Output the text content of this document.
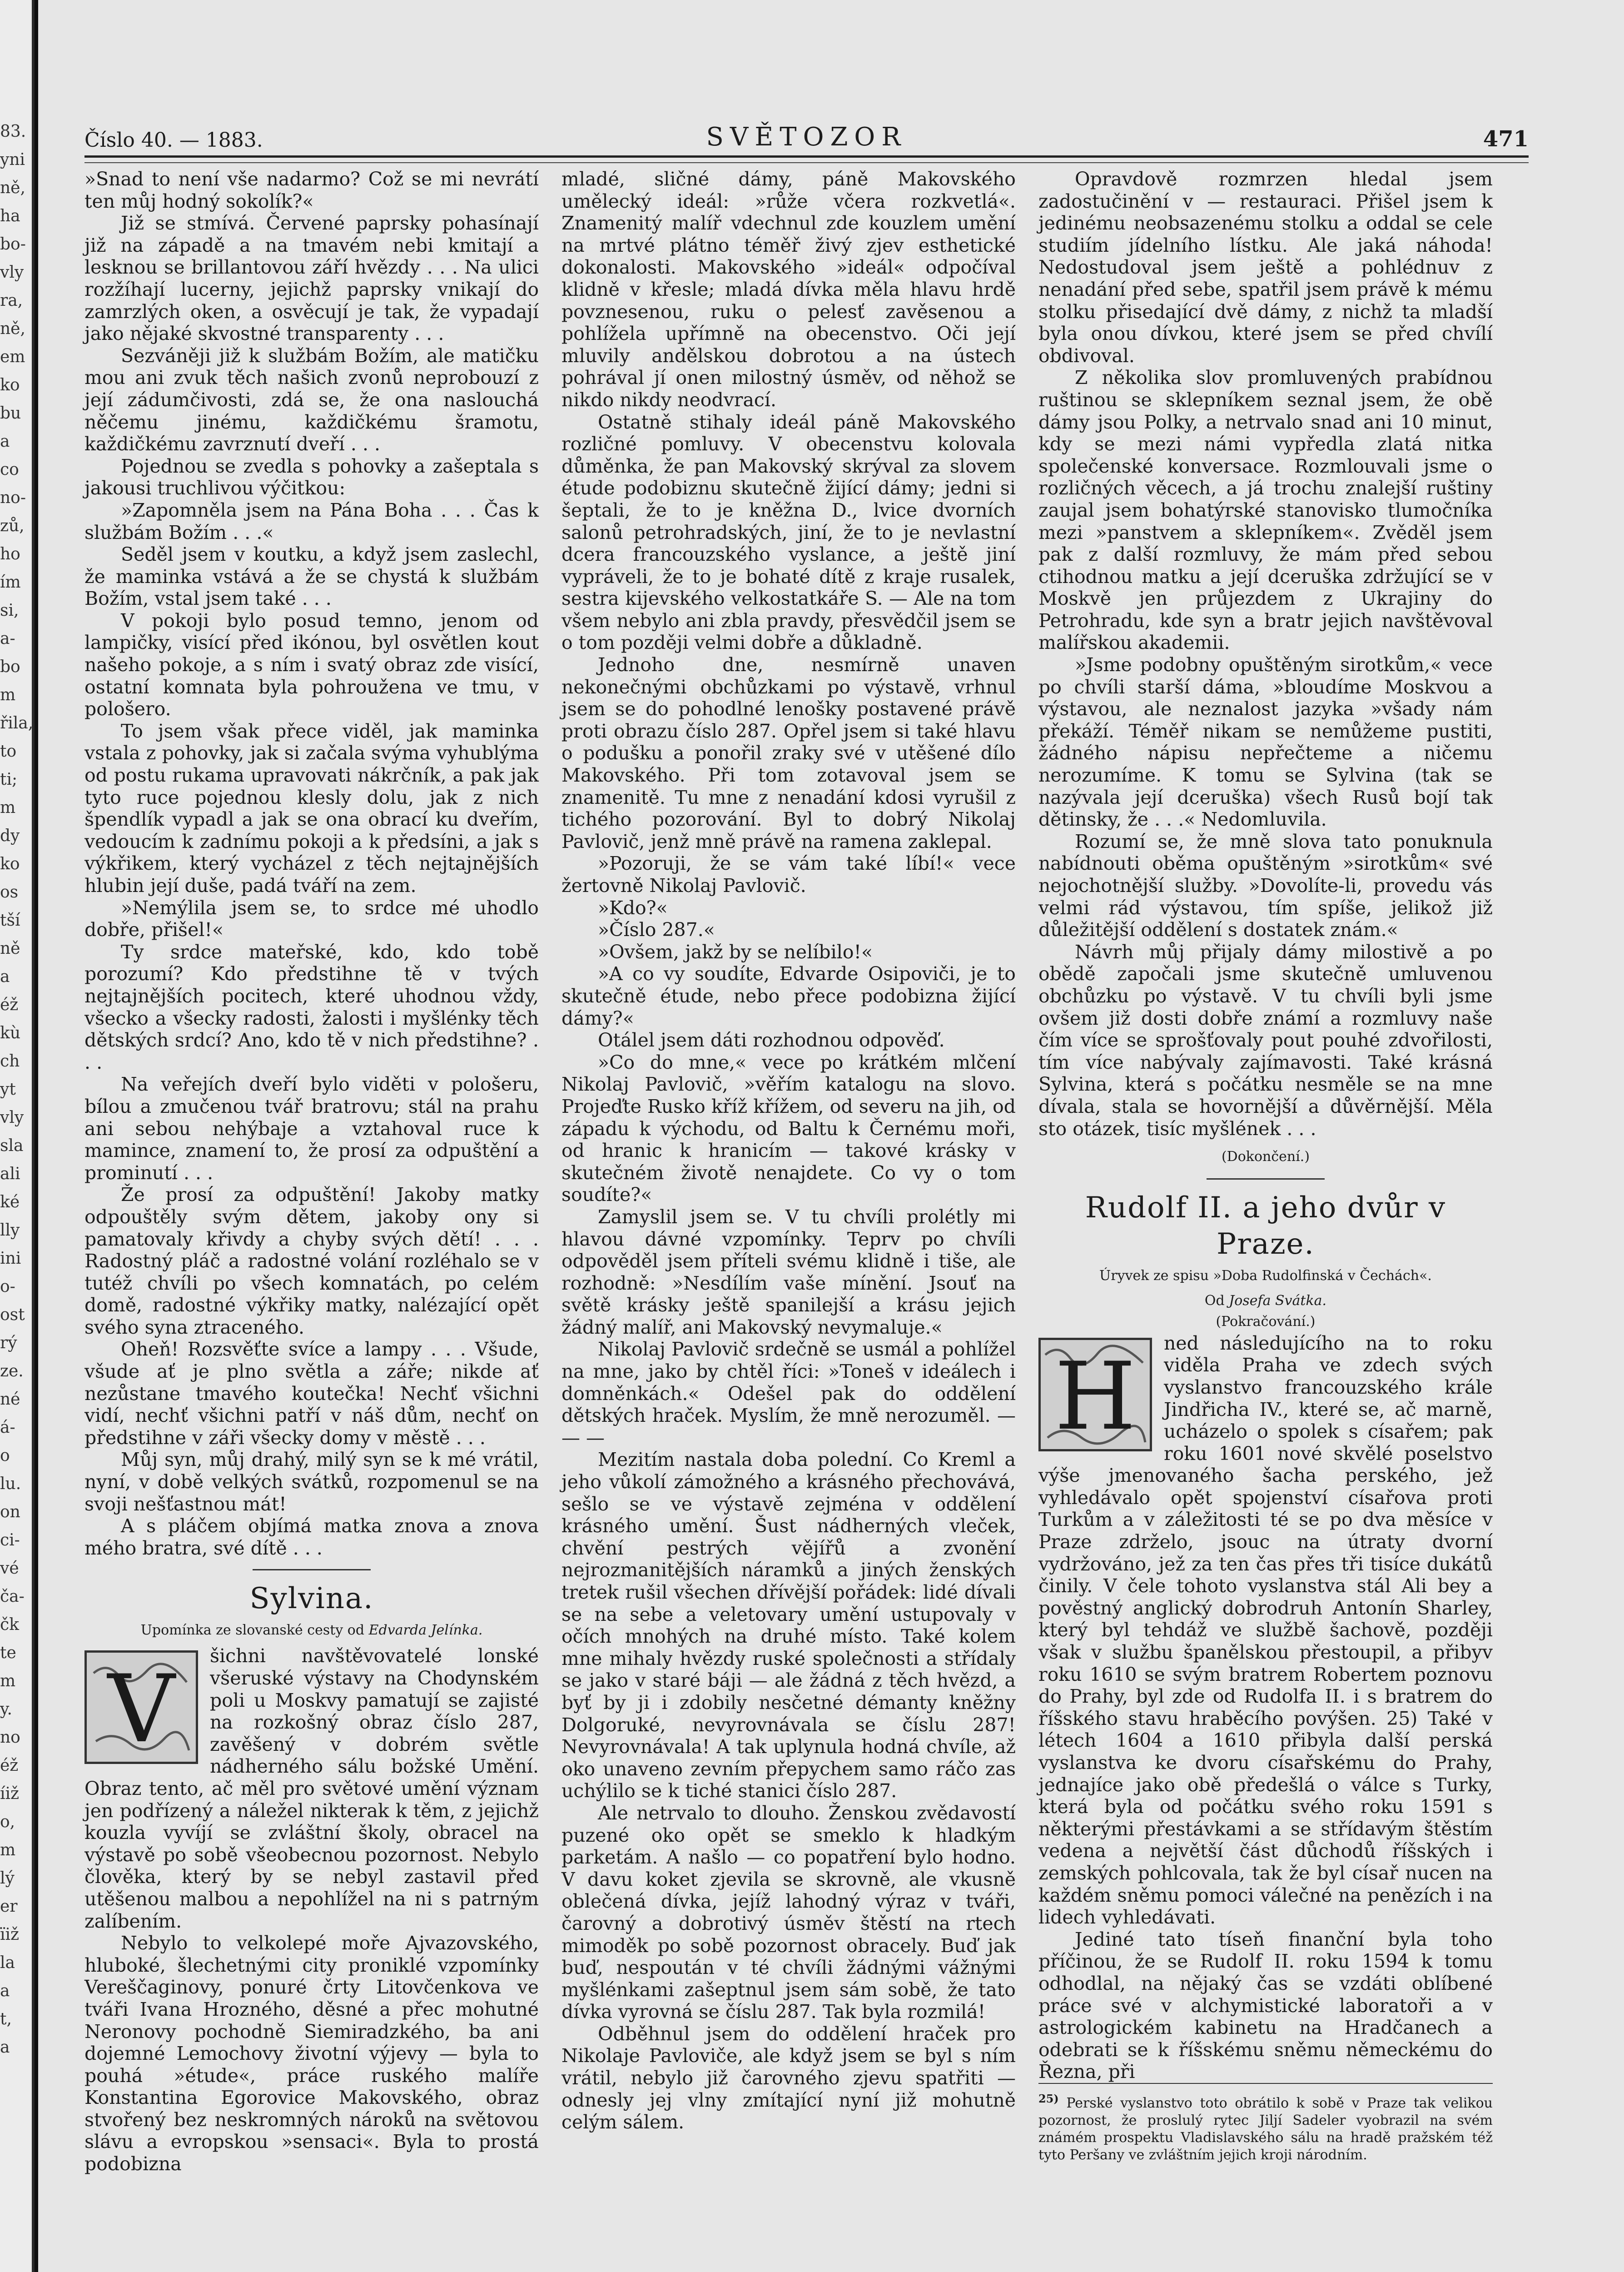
Číslo 40. — 1883.	SVĚTOZOR	471

»Snad to není vše nadarmo? Což se mi nevrátí ten můj hodný sokolík?«

Již se stmívá. Červené paprsky pohasínají již na západě a na tmavém nebi kmitají a lesknou se brillantovou září hvězdy . . . Na ulici rozžíhají lucerny, jejichž paprsky vnikají do zamrzlých oken, a osvěcují je tak, že vypadají jako nějaké skvostné transparenty . . .

Sezváněji již k službám Božím, ale matičku mou ani zvuk těch našich zvonů neprobouzí z její zádumčivosti, zdá se, že ona naslouchá něčemu jinému, každičkému šramotu, každičkému zavrznutí dveří . . .

Pojednou se zvedla s pohovky a zašeptala s jakousi truchlivou výčitkou:

»Zapomněla jsem na Pána Boha . . . Čas k službám Božím . . .«

Seděl jsem v koutku, a když jsem zaslechl, že maminka vstává a že se chystá k službám Božím, vstal jsem také . . .

V pokoji bylo posud temno, jenom od lampičky, visící před ikónou, byl osvětlen kout našeho pokoje, a s ním i svatý obraz zde visící, ostatní komnata byla pohroužena ve tmu, v pološero.

To jsem však přece viděl, jak maminka vstala z pohovky, jak si začala svýma vyhublýma od postu rukama upravovati nákrčník, a pak jak tyto ruce pojednou klesly dolu, jak z nich špendlík vypadl a jak se ona obrací ku dveřím, vedoucím k zadnímu pokoji a k předsíni, a jak s výkřikem, který vycházel z těch nejtajnějších hlubin její duše, padá tváří na zem.

»Nemýlila jsem se, to srdce mé uhodlo dobře, přišel!«

Ty srdce mateřské, kdo, kdo tobě porozumí? Kdo předstihne tě v tvých nejtajnějších pocitech, které uhodnou vždy, všecko a všecky radosti, žalosti i myšlénky těch dětských srdcí? Ano, kdo tě v nich předstihne? . . .

Na veřejích dveří bylo viděti v pološeru, bílou a zmučenou tvář bratrovu; stál na prahu ani sebou nehýbaje a vztahoval ruce k mamince, znamení to, že prosí za odpuštění a prominutí . . .

Že prosí za odpuštění! Jakoby matky odpouštěly svým dětem, jakoby ony si pamatovaly křivdy a chyby svých dětí! . . . Radostný pláč a radostné volání rozléhalo se v tutéž chvíli po všech komnatách, po celém domě, radostné výkřiky matky, nalézající opět svého syna ztraceného.

Oheň! Rozsvěťte svíce a lampy . . . Všude, všude ať je plno světla a záře; nikde ať nezůstane tmavého koutečka! Nechť všichni vidí, nechť všichni patří v náš dům, nechť on předstihne v záři všecky domy v městě . . .

Můj syn, můj drahý, milý syn se k mé vrátil, nyní, v době velkých svátků, rozpomenul se na svoji nešťastnou mát!

A s pláčem objímá matka znova a znova mého bratra, své dítě . . .

Sylvina.
Upomínka ze slovanské cesty od Edvarda Jelínka.
V	šichni navštěvovatelé lonské všeruské výstavy na Chodynském poli u Moskvy pamatují se zajisté na rozkošný obraz číslo 287, zavěšený v dobrém světle nádherného sálu božské Umění. Obraz tento, ač měl pro světové umění význam jen podřízený a náležel nikterak k těm, z jejichž kouzla vyvíjí se zvláštní školy, obracel na výstavě po sobě všeobecnou pozornost. Nebylo člověka, který by se nebyl zastavil před utěšenou malbou a nepohlížel na ni s patrným zalíbením.

Nebylo to velkolepé moře Ajvazovského, hluboké, šlechetnými city proniklé vzpomínky Vereščaginovy, ponuré črty Litovčenkova ve tváři Ivana Hrozného, děsné a přec mohutné Neronovy pochodně Siemiradzkého, ba ani dojemné Lemochovy životní výjevy — byla to pouhá »étude«, práce ruského malíře Konstantina Egorovice Makovského, obraz stvořený bez neskromných nároků na světovou slávu a evropskou »sensaci«. Byla to prostá podobizna

mladé, sličné dámy, páně Makovského umělecký ideál: »růže včera rozkvetlá«. Znamenitý malíř vdechnul zde kouzlem umění na mrtvé plátno téměř živý zjev esthetické dokonalosti. Makovského »ideál« odpočíval klidně v křesle; mladá dívka měla hlavu hrdě povznesenou, ruku o pelesť zavěsenou a pohlížela upřímně na obecenstvo. Oči její mluvily andělskou dobrotou a na ústech pohrával jí onen milostný úsměv, od něhož se nikdo nikdy neodvrací.

Ostatně stihaly ideál páně Makovského rozličné pomluvy. V obecenstvu kolovala důměnka, že pan Makovský skrýval za slovem étude podobiznu skutečně žijící dámy; jedni si šeptali, že to je kněžna D., lvice dvorních salonů petrohradských, jiní, že to je nevlastní dcera francouzského vyslance, a ještě jiní vypráveli, že to je bohaté dítě z kraje rusalek, sestra kijevského velkostatkáře S. — Ale na tom všem nebylo ani zbla pravdy, přesvědčil jsem se o tom později velmi dobře a důkladně.

Jednoho dne, nesmírně unaven nekonečnými obchůzkami po výstavě, vrhnul jsem se do pohodlné lenošky postavené právě proti obrazu číslo 287. Opřel jsem si také hlavu o podušku a ponořil zraky své v utěšené dílo Makovského. Při tom zotavoval jsem se znamenitě. Tu mne z nenadání kdosi vyrušil z tichého pozorování. Byl to dobrý Nikolaj Pavlovič, jenž mně právě na ramena zaklepal.

»Pozoruji, že se vám také líbí!« vece žertovně Nikolaj Pavlovič.

»Kdo?«

»Číslo 287.«

»Ovšem, jakž by se nelíbilo!«

»A co vy soudíte, Edvarde Osipoviči, je to skutečně étude, nebo přece podobizna žijící dámy?«

Otálel jsem dáti rozhodnou odpověď.

»Co do mne,« vece po krátkém mlčení Nikolaj Pavlovič, »věřím katalogu na slovo. Projeďte Rusko kříž křížem, od severu na jih, od západu k východu, od Baltu k Černému moři, od hranic k hranicím — takové krásky v skutečném životě nenajdete. Co vy o tom soudíte?«

Zamyslil jsem se. V tu chvíli prolétly mi hlavou dávné vzpomínky. Teprv po chvíli odpověděl jsem příteli svému klidně i tiše, ale rozhodně: »Nesdílím vaše mínění. Jsouť na světě krásky ještě spanilejší a krásu jejich žádný malíř, ani Makovský nevymaluje.«

Nikolaj Pavlovič srdečně se usmál a pohlížel na mne, jako by chtěl říci: »Toneš v ideálech i domněnkách.« Odešel pak do oddělení dětských hraček. Myslím, že mně nerozuměl. — — —

Mezitím nastala doba polední. Co Kreml a jeho vůkolí zámožného a krásného přechovává, sešlo se ve výstavě zejména v oddělení krásného umění. Šust nádherných vleček, chvění pestrých vějířů a zvonění nejrozmanitějších náramků a jiných ženských tretek rušil všechen dřívější pořádek: lidé dívali se na sebe a veletovary umění ustupovaly v očích mnohých na druhé místo. Také kolem mne mihaly hvězdy ruské společnosti a střídaly se jako v staré báji — ale žádná z těch hvězd, a byť by ji i zdobily nesčetné démanty kněžny Dolgoruké, nevyrovnávala se číslu 287! Nevyrovnávala! A tak uplynula hodná chvíle, až oko unaveno zevním přepychem samo ráčo zas uchýlilo se k tiché stanici číslo 287.

Ale netrvalo to dlouho. Ženskou zvědavostí puzené oko opět se smeklo k hladkým parketám. A našlo — co popatření bylo hodno. V davu koket zjevila se skrovně, ale vkusně oblečená dívka, jejíž lahodný výraz v tváři, čarovný a dobrotivý úsměv štěstí na rtech mimoděk po sobě pozornost obracely. Buď jak buď, nespoután v té chvíli žádnými vážnými myšlénkami zašeptnul jsem sám sobě, že tato dívka vyrovná se číslu 287. Tak byla rozmilá!

Odběhnul jsem do oddělení hraček pro Nikolaje Pavloviče, ale když jsem se byl s ním vrátil, nebylo již čarovného zjevu spatřiti — odnesly jej vlny zmítající nyní již mohutně celým sálem.

Opravdově rozmrzen hledal jsem zadostučinění v — restauraci. Přišel jsem k jedinému neobsazenému stolku a oddal se cele studiím jídelního lístku. Ale jaká náhoda! Nedostudoval jsem ještě a pohlédnuv z nenadání před sebe, spatřil jsem právě k mému stolku přisedající dvě dámy, z nichž ta mladší byla onou dívkou, které jsem se před chvílí obdivoval.

Z několika slov promluvených prabídnou ruštinou se sklepníkem seznal jsem, že obě dámy jsou Polky, a netrvalo snad ani 10 minut, kdy se mezi námi vypředla zlatá nitka společenské konversace. Rozmlouvali jsme o rozličných věcech, a já trochu znalejší ruštiny zaujal jsem bohatýrské stanovisko tlumočníka mezi »panstvem a sklepníkem«. Zvěděl jsem pak z další rozmluvy, že mám před sebou ctihodnou matku a její dceruška zdržující se v Moskvě jen průjezdem z Ukrajiny do Petrohradu, kde syn a bratr jejich navštěvoval malířskou akademii.

»Jsme podobny opuštěným sirotkům,« vece po chvíli starší dáma, »bloudíme Moskvou a výstavou, ale neznalost jazyka »všady nám překáží. Téměř nikam se nemůžeme pustiti, žádného nápisu nepřečteme a ničemu nerozumíme. K tomu se Sylvina (tak se nazývala její dceruška) všech Rusů bojí tak dětinsky, že . . .« Nedomluvila.

Rozumí se, že mně slova tato ponuknula nabídnouti oběma opuštěným »sirotkům« své nejochotnější služby. »Dovolíte-li, provedu vás velmi rád výstavou, tím spíše, jelikož již důležitější oddělení s dostatek znám.«

Návrh můj přijaly dámy milostivě a po obědě započali jsme skutečně umluvenou obchůzku po výstavě. V tu chvíli byli jsme ovšem již dosti dobře známí a rozmluvy naše čím více se sprošťovaly pout pouhé zdvořilosti, tím více nabývaly zajímavosti. Také krásná Sylvina, která s počátku nesměle se na mne dívala, stala se hovornější a důvěrnější. Měla sto otázek, tisíc myšlének . . .

(Dokončení.)
Rudolf II. a jeho dvůr v Praze.
Úryvek ze spisu »Doba Rudolfinská v Čechách«.
Od Josefa Svátka.
(Pokračování.)
H	ned následujícího na to roku viděla Praha ve zdech svých vyslanstvo francouzského krále Jindřicha IV., které se, ač marně, ucházelo o spolek s císařem; pak roku 1601 nové skvělé poselstvo výše jmenovaného šacha perského, jež vyhledávalo opět spojenství císařova proti Turkům a v záležitosti té se po dva měsíce v Praze zdrželo, jsouc na útraty dvorní vydržováno, jež za ten čas přes tři tisíce dukátů činily. V čele tohoto vyslanstva stál Ali bey a pověstný anglický dobrodruh Antonín Sharley, který byl tehdáž ve službě šachově, později však v službu španělskou přestoupil, a přibyv roku 1610 se svým bratrem Robertem poznovu do Prahy, byl zde od Rudolfa II. i s bratrem do říšského stavu hraběcího povýšen. 25) Také v létech 1604 a 1610 přibyla další perská vyslanstva ke dvoru císařskému do Prahy, jednajíce jako obě předešlá o válce s Turky, která byla od počátku svého roku 1591 s některými přestávkami a se střídavým štěstím vedena a největší část důchodů říšských i zemských pohlcovala, tak že byl císař nucen na každém sněmu pomoci válečné na penězích i na lidech vyhledávati.

Jediné tato tíseň finanční byla toho příčinou, že se Rudolf II. roku 1594 k tomu odhodlal, na nějaký čas se vzdáti oblíbené práce své v alchymistické laboratoři a v astrologickém kabinetu na Hradčanech a odebrati se k říšskému sněmu německému do Řezna, při

$^{25)}$ Perské vyslanstvo toto obrátilo k sobě v Praze tak velikou pozornost, že proslulý rytec Jiljí Sadeler vyobrazil na svém známém prospektu Vladislavského sálu na hradě pražském též tyto Peršany ve zvláštním jejich kroji národním.

83.
yni
ně,
ha
bo-
vly
ra,
ně,
em
ko
bu
a
co
no-
zů,
ho
ím
si,
a-
bo
m
řila,
to
ti;
m
dy
ko
os
tší
ně
a
éž
kù
ch
yt
vly
sla
ali
ké
lly
ini
o-
ost
rý
ze.
né
á-
o
lu.
on
ci-
vé
ča-
čk
te
m
y.
no
éž
íiž
o,
m
lý
er
ïiž
la
a
t,
a
